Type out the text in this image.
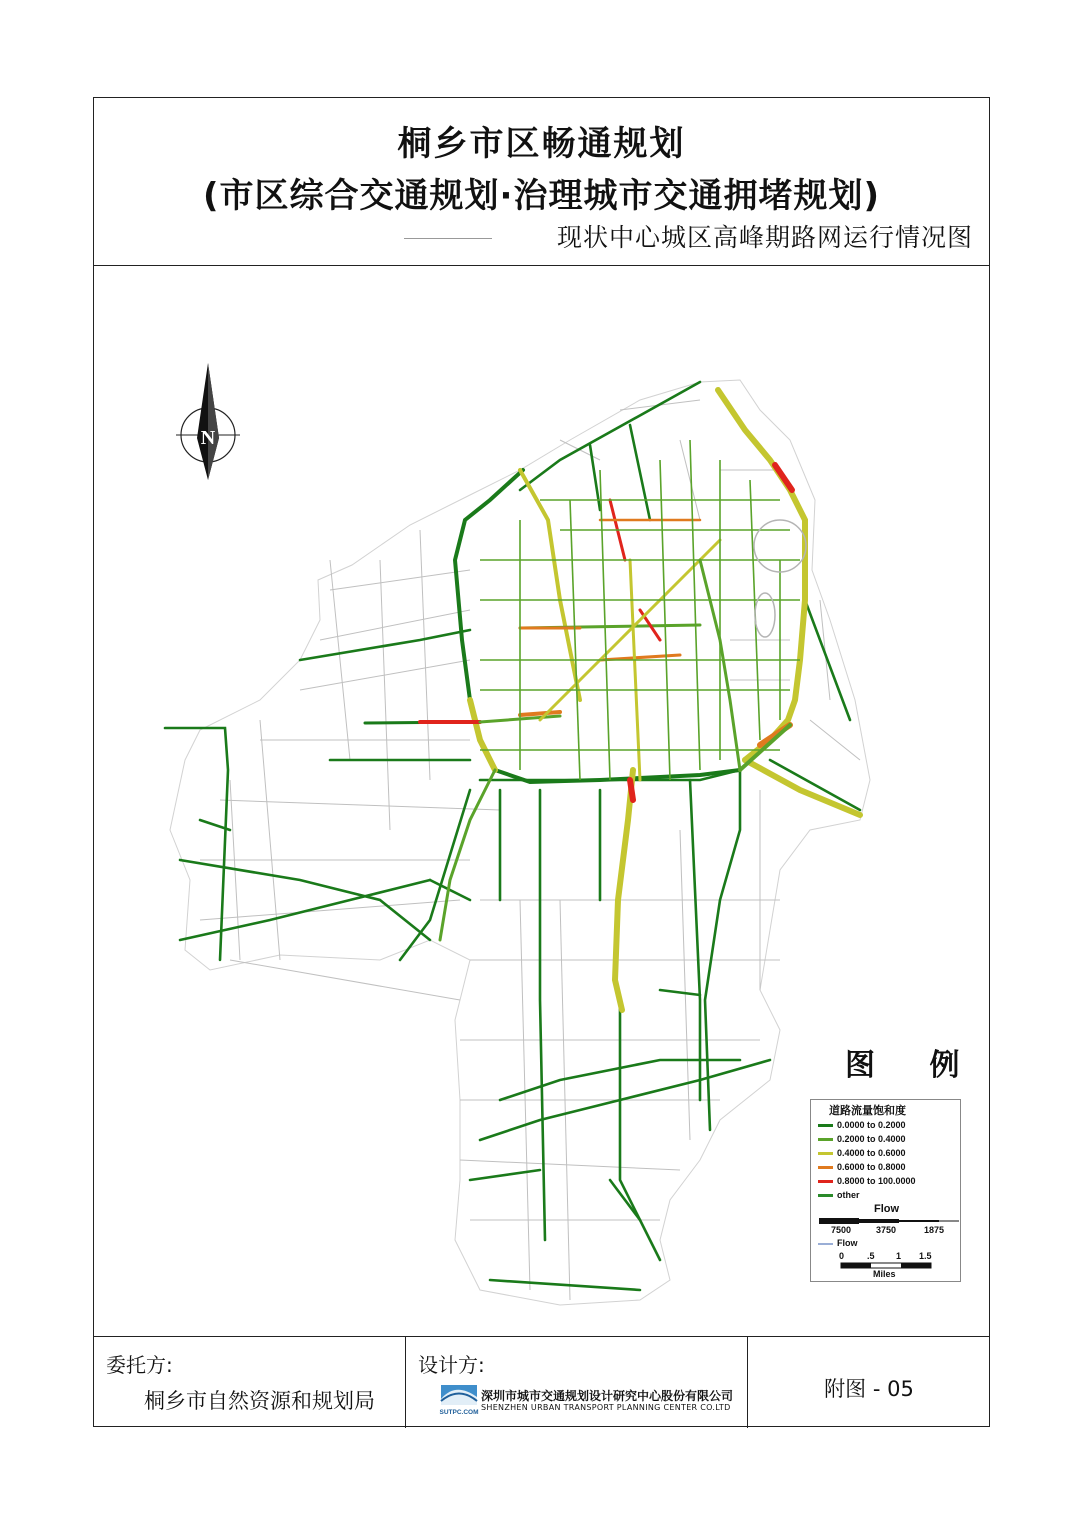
桐乡市区畅通规划
(市区综合交通规划·治理城市交通拥堵规划)
现状中心城区高峰期路网运行情况图
委托方:
桐乡市自然资源和规划局
设计方:
SUTPC.COM
深圳市城市交通规划设计研究中心股份有限公司
SHENZHEN URBAN TRANSPORT PLANNING CENTER CO.LTD
附图 - 05
N
图 例
道路流量饱和度
0.0000 to 0.2000
0.2000 to 0.4000
0.4000 to 0.6000
0.6000 to 0.8000
0.8000 to 100.0000
other
Flow
7500	3750	1875
Flow
0	.5 1 1.5
Miles
